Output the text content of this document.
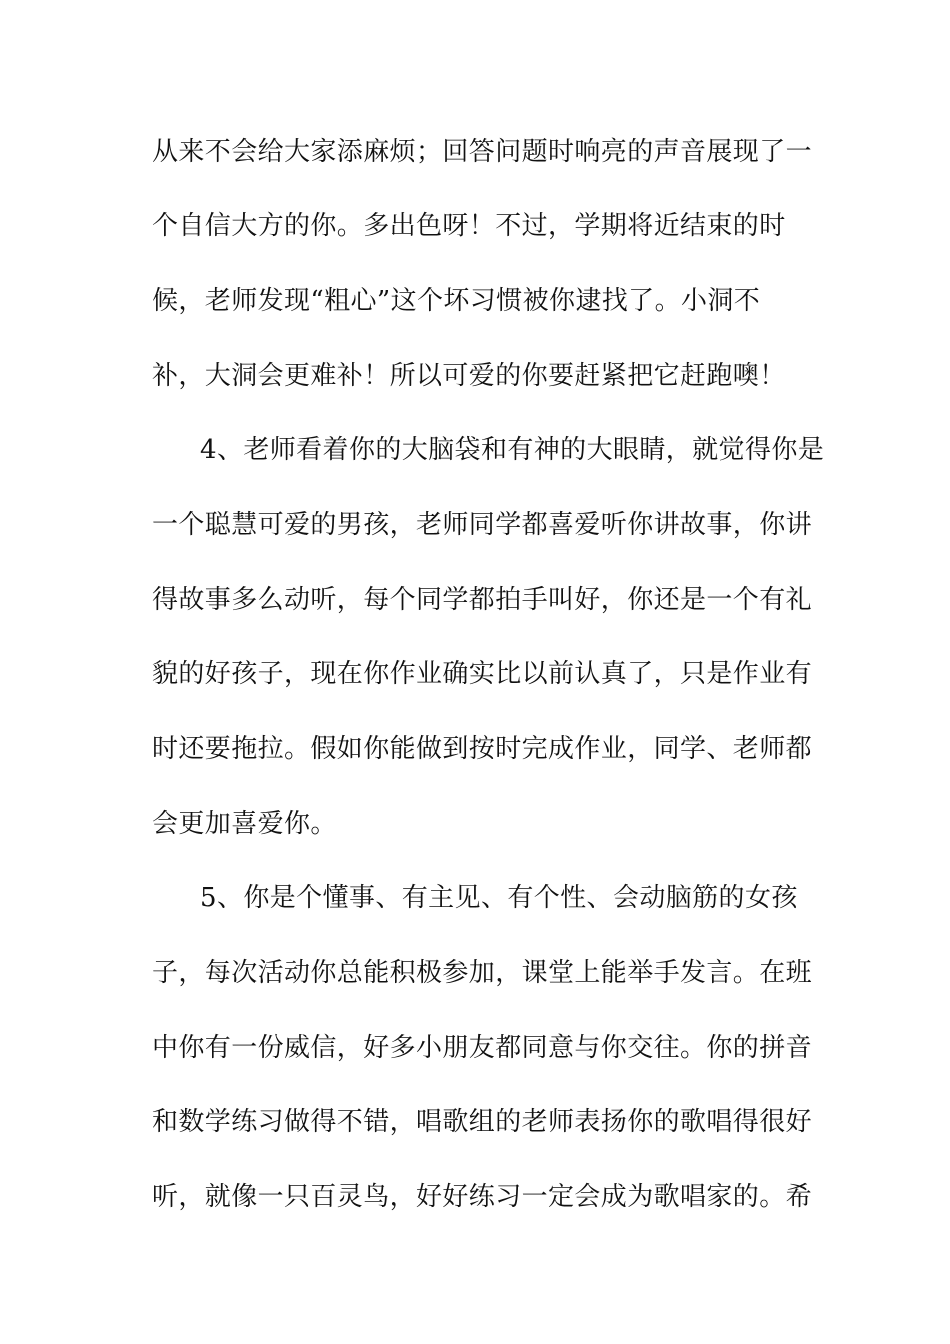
从来不会给大家添麻烦；回答问题时响亮的声音展现了一
个自信大方的你。多出色呀！不过，学期将近结束的时
候，老师发现“粗心”这个坏习惯被你逮找了。小洞不
补，大洞会更难补！所以可爱的你要赶紧把它赶跑噢！
4、老师看着你的大脑袋和有神的大眼睛，就觉得你是
一个聪慧可爱的男孩，老师同学都喜爱听你讲故事，你讲
得故事多么动听，每个同学都拍手叫好，你还是一个有礼
貌的好孩子，现在你作业确实比以前认真了，只是作业有
时还要拖拉。假如你能做到按时完成作业，同学、老师都
会更加喜爱你。
5、你是个懂事、有主见、有个性、会动脑筋的女孩
子，每次活动你总能积极参加，课堂上能举手发言。在班
中你有一份威信，好多小朋友都同意与你交往。你的拼音
和数学练习做得不错，唱歌组的老师表扬你的歌唱得很好
听，就像一只百灵鸟，好好练习一定会成为歌唱家的。希
